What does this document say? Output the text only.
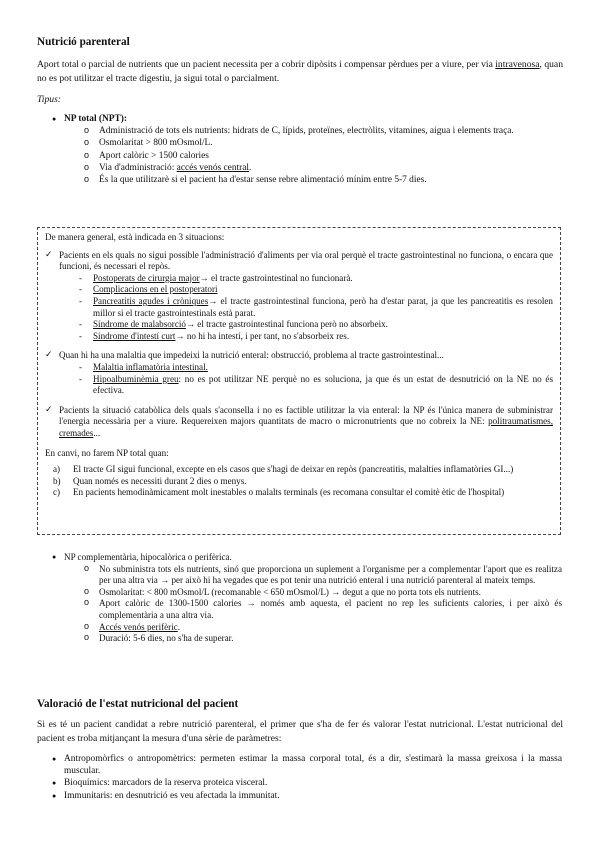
Nutrició parenteral
Aport total o parcial de nutrients que un pacient necessita per a cobrir dipòsits i compensar pèrdues per a viure, per via intravenosa, quan no es pot utilitzar el tracte digestiu, ja sigui total o parcialment.
Tipus:
● NP total (NPT):
o Administració de tots els nutrients: hidrats de C, lípids, proteïnes, electròlits, vitamines, aigua i elements traça.
o Osmolaritat > 800 mOsmol/L.
o Aport calòric > 1500 calories
o Via d'administració: accés venós central.
o És la que utilitzarè si el pacient ha d'estar sense rebre alimentació mínim entre 5-7 dies.
De manera general, està indicada en 3 situacions:
✓ Pacients en els quals no sigui possible l'administració d'aliments per via oral perquè el tracte gastrointestinal no funciona, o encara que funcioni, és necessari el repòs.
- Postoperats de cirurgia major→ el tracte gastrointestinal no funcionarà.
- Complicacions en el postoperatori
- Pancreatitis agudes i cròniques→ el tracte gastrointestinal funciona, però ha d'estar parat, ja que les pancreatitis es resolen millor si el tracte gastrointestinals està parat.
- Síndrome de malabsorció→ el tracte gastrointestinal funciona però no absorbeix.
- Síndrome d'intestí curt→ no hi ha intestí, i per tant, no s'absorbeix res.
✓ Quan hi ha una malaltia que impedeixi la nutrició enteral: obstrucció, problema al tracte gastrointestinal...
- Malaltia inflamatòria intestinal.
- Hipoalbuminèmia greu: no es pot utilitzar NE perquè no es soluciona, ja que és un estat de desnutrició on la NE no és efectiva.
✓ Pacients la situació catabòlica dels quals s'aconsella i no es factible utilitzar la via enteral: la NP és l'única manera de subministrar l'energia necessària per a viure. Requereixen majors quantitats de macro o micronutrients que no cobreix la NE: politraumatismes, cremades...
En canvi, no farem NP total quan:
a) El tracte GI sigui funcional, excepte en els casos que s'hagi de deixar en repòs (pancreatitis, malalties inflamatòries GI...)
b) Quan només es necessiti durant 2 dies o menys.
c) En pacients hemodinàmicament molt inestables o malalts terminals (es recomana consultar el comitè ètic de l'hospital)
● NP complementària, hipocalòrica o perifèrica.
o No subministra tots els nutrients, sinó que proporciona un suplement a l'organisme per a complementar l'aport que es realitza per una altra via → per això hi ha vegades que es pot tenir una nutrició enteral i una nutrició parenteral al mateix temps.
o Osmolaritat: < 800 mOsmol/L (recomanable < 650 mOsmol/L) → degut a que no porta tots els nutrients.
o Aport calòric de 1300-1500 calories → només amb aquesta, el pacient no rep les suficients calories, i per això és complementària a una altra via.
o Accés venós perifèric.
o Duració: 5-6 dies, no s'ha de superar.
Valoració de l'estat nutricional del pacient
Si es té un pacient candidat a rebre nutrició parenteral, el primer que s'ha de fer és valorar l'estat nutricional. L'estat nutricional del pacient es troba mitjançant la mesura d'una sèrie de paràmetres:
● Antropomòrfics o antropomètrics: permeten estimar la massa corporal total, és a dir, s'estimarà la massa greixosa i la massa muscular.
● Bioquímics: marcadors de la reserva proteica visceral.
● Immunitaris: en desnutrició es veu afectada la immunitat.
